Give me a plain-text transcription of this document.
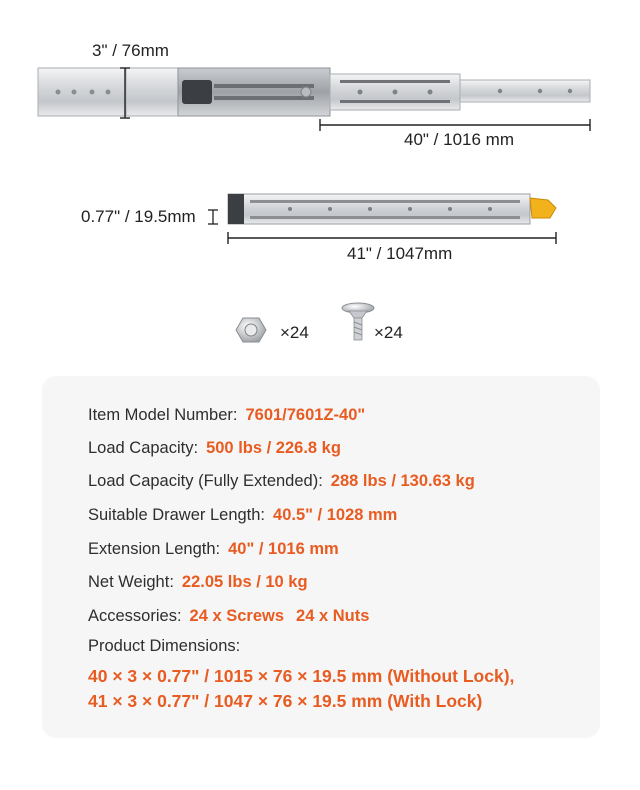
3" / 76mm
40" / 1016 mm
0.77" / 19.5mm
41" / 1047mm
×24	×24
Item Model Number: 7601/7601Z-40"
Load Capacity: 500 lbs / 226.8 kg
Load Capacity (Fully Extended): 288 lbs / 130.63 kg
Suitable Drawer Length: 40.5" / 1028 mm
Extension Length: 40" / 1016 mm
Net Weight: 22.05 lbs / 10 kg
Accessories: 24 x Screws 24 x Nuts
Product Dimensions:
40 × 3 × 0.77" / 1015 × 76 × 19.5 mm (Without Lock),
41 × 3 × 0.77" / 1047 × 76 × 19.5 mm (With Lock)
